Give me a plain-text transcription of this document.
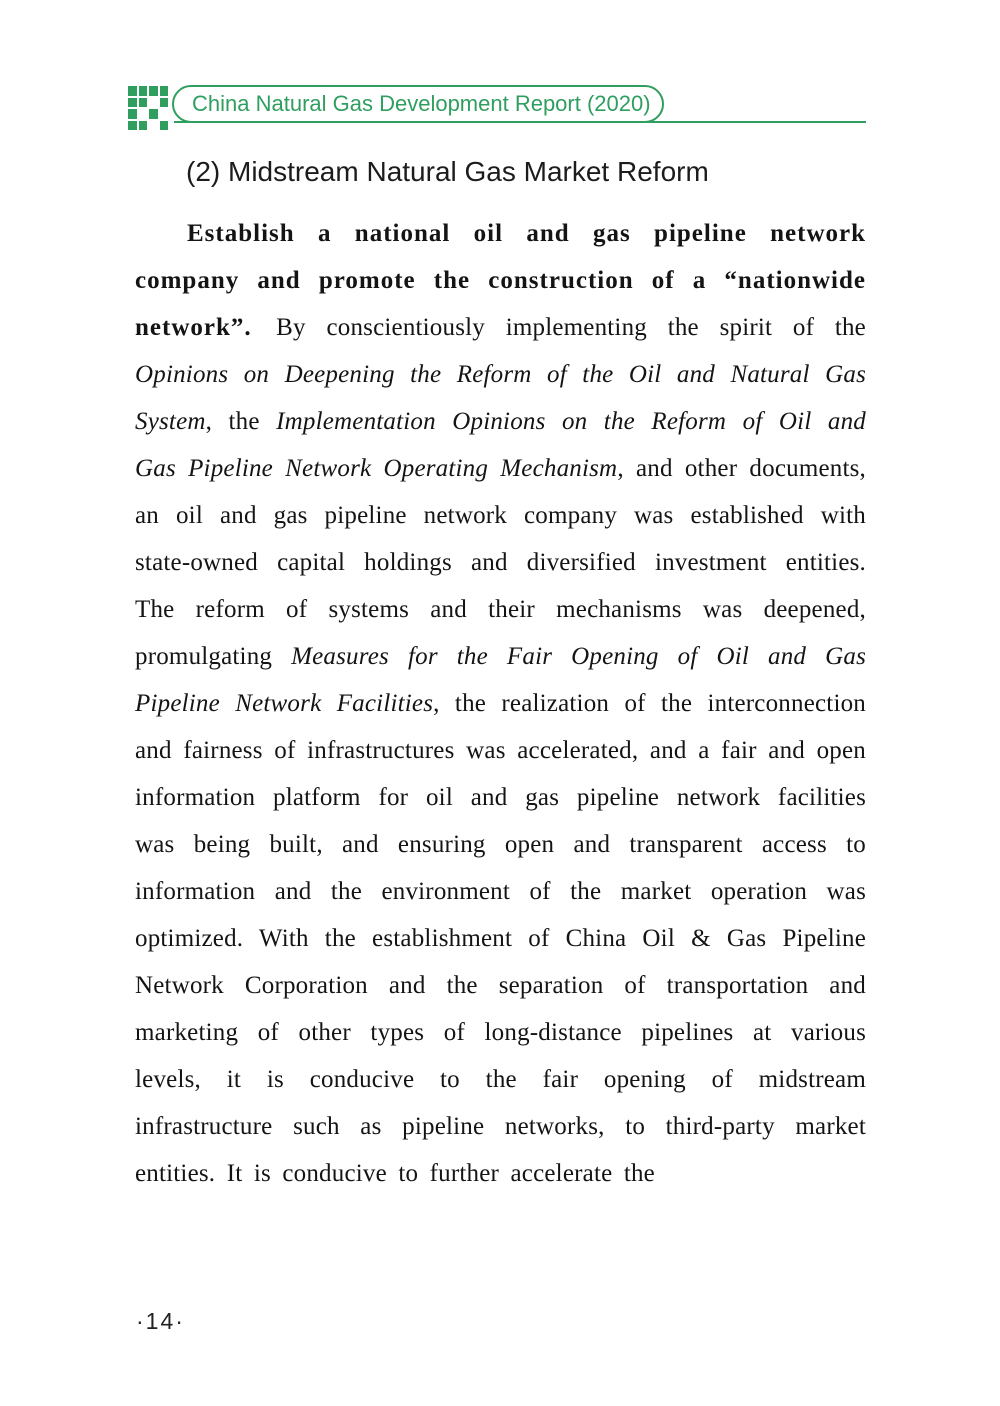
China Natural Gas Development Report (2020)
(2) Midstream Natural Gas Market Reform

Establish a national oil and gas pipeline network company and promote the construction of a “nationwide network”. By conscientiously implementing the spirit of the Opinions on Deepening the Reform of the Oil and Natural Gas System, the Implementation Opinions on the Reform of Oil and Gas Pipeline Network Operating Mechanism, and other documents, an oil and gas pipeline network company was established with state-owned capital holdings and diversified investment entities. The reform of systems and their mechanisms was deepened, promulgating Measures for the Fair Opening of Oil and Gas Pipeline Network Facilities, the realization of the interconnection and fairness of infrastructures was accelerated, and a fair and open information platform for oil and gas pipeline network facilities was being built, and ensuring open and transparent access to information and the environment of the market operation was optimized. With the establishment of China Oil & Gas Pipeline Network Corporation and the separation of transportation and marketing of other types of long-distance pipelines at various levels, it is conducive to the fair opening of midstream infrastructure such as pipeline networks, to third-party market entities. It is conducive to further accelerate the

·14·
